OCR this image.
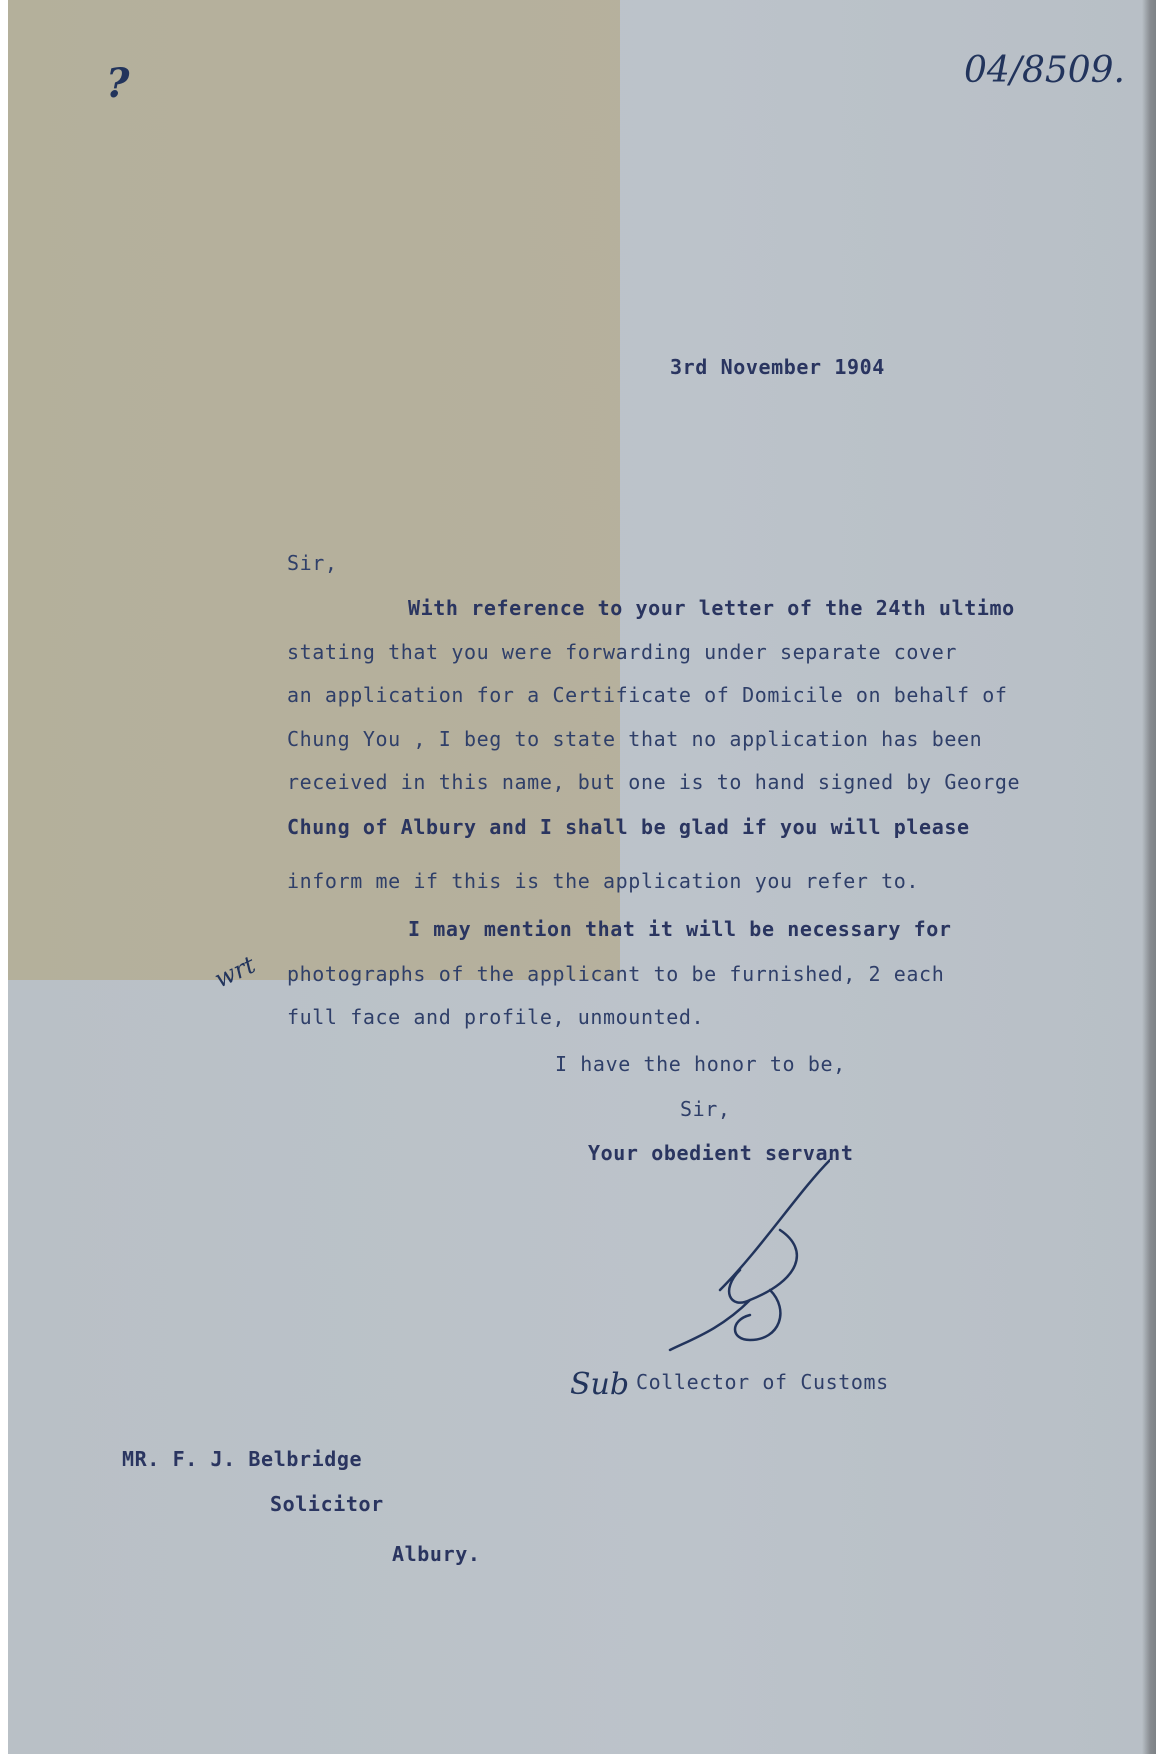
?	04/8509.
wrt
3rd November 1904
Sir,
With reference to your letter of the 24th ultimo
stating that you were forwarding under separate cover
an application for a Certificate of Domicile on behalf of
Chung You , I beg to state that no application has been
received in this name, but one is to hand signed by George
Chung of Albury and I shall be glad if you will please
inform me if this is the application you refer to.
I may mention that it will be necessary for
photographs of the applicant to be furnished, 2 each
full face and profile, unmounted.
I have the honor to be,
Sir,
Your obedient servant
Sub Collector of Customs
MR. F. J. Belbridge
Solicitor
Albury.
